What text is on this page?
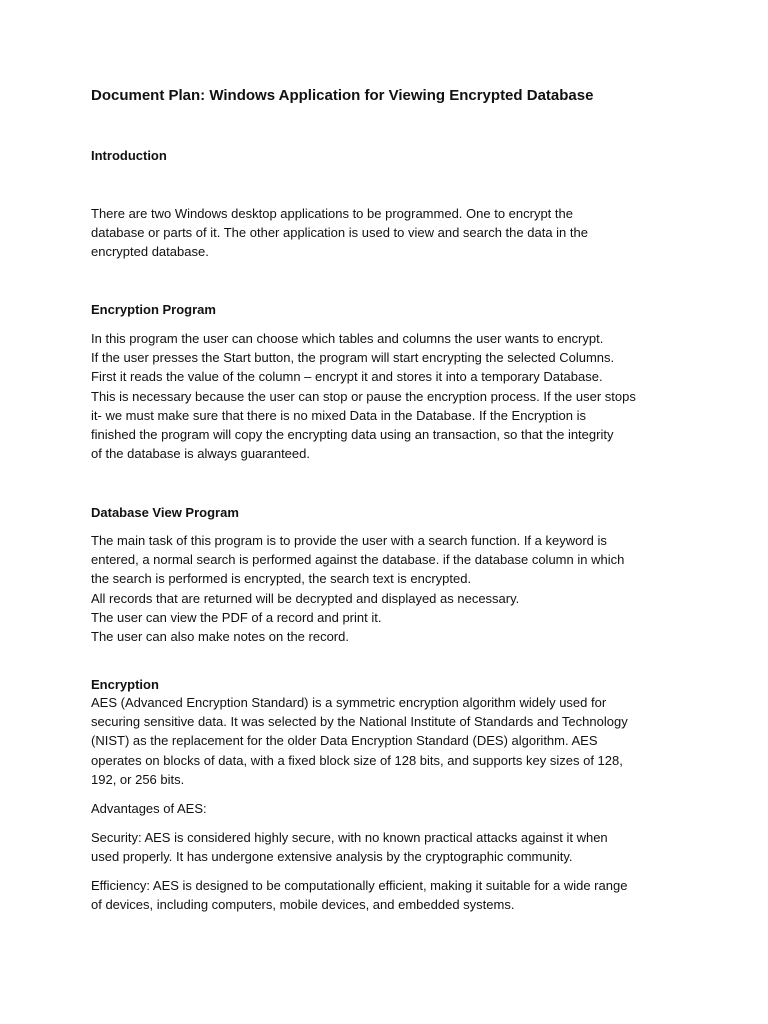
Document Plan: Windows Application for Viewing Encrypted Database
Introduction
There are two Windows desktop applications to be programmed. One to encrypt the
database or parts of it. The other application is used to view and search the data in the
encrypted database.
Encryption Program
In this program the user can choose which tables and columns the user wants to encrypt.
If the user presses the Start button, the program will start encrypting the selected Columns.
First it reads the value of the column – encrypt it and stores it into a temporary Database.
This is necessary because the user can stop or pause the encryption process. If the user stops
it- we must make sure that there is no mixed Data in the Database. If the Encryption is
finished the program will copy the encrypting data using an transaction, so that the integrity
of the database is always guaranteed.
Database View Program
The main task of this program is to provide the user with a search function. If a keyword is
entered, a normal search is performed against the database. if the database column in which
the search is performed is encrypted, the search text is encrypted.
All records that are returned will be decrypted and displayed as necessary.
The user can view the PDF of a record and print it.
The user can also make notes on the record.
Encryption
AES (Advanced Encryption Standard) is a symmetric encryption algorithm widely used for
securing sensitive data. It was selected by the National Institute of Standards and Technology
(NIST) as the replacement for the older Data Encryption Standard (DES) algorithm. AES
operates on blocks of data, with a fixed block size of 128 bits, and supports key sizes of 128,
192, or 256 bits.
Advantages of AES:
Security: AES is considered highly secure, with no known practical attacks against it when
used properly. It has undergone extensive analysis by the cryptographic community.
Efficiency: AES is designed to be computationally efficient, making it suitable for a wide range
of devices, including computers, mobile devices, and embedded systems.
